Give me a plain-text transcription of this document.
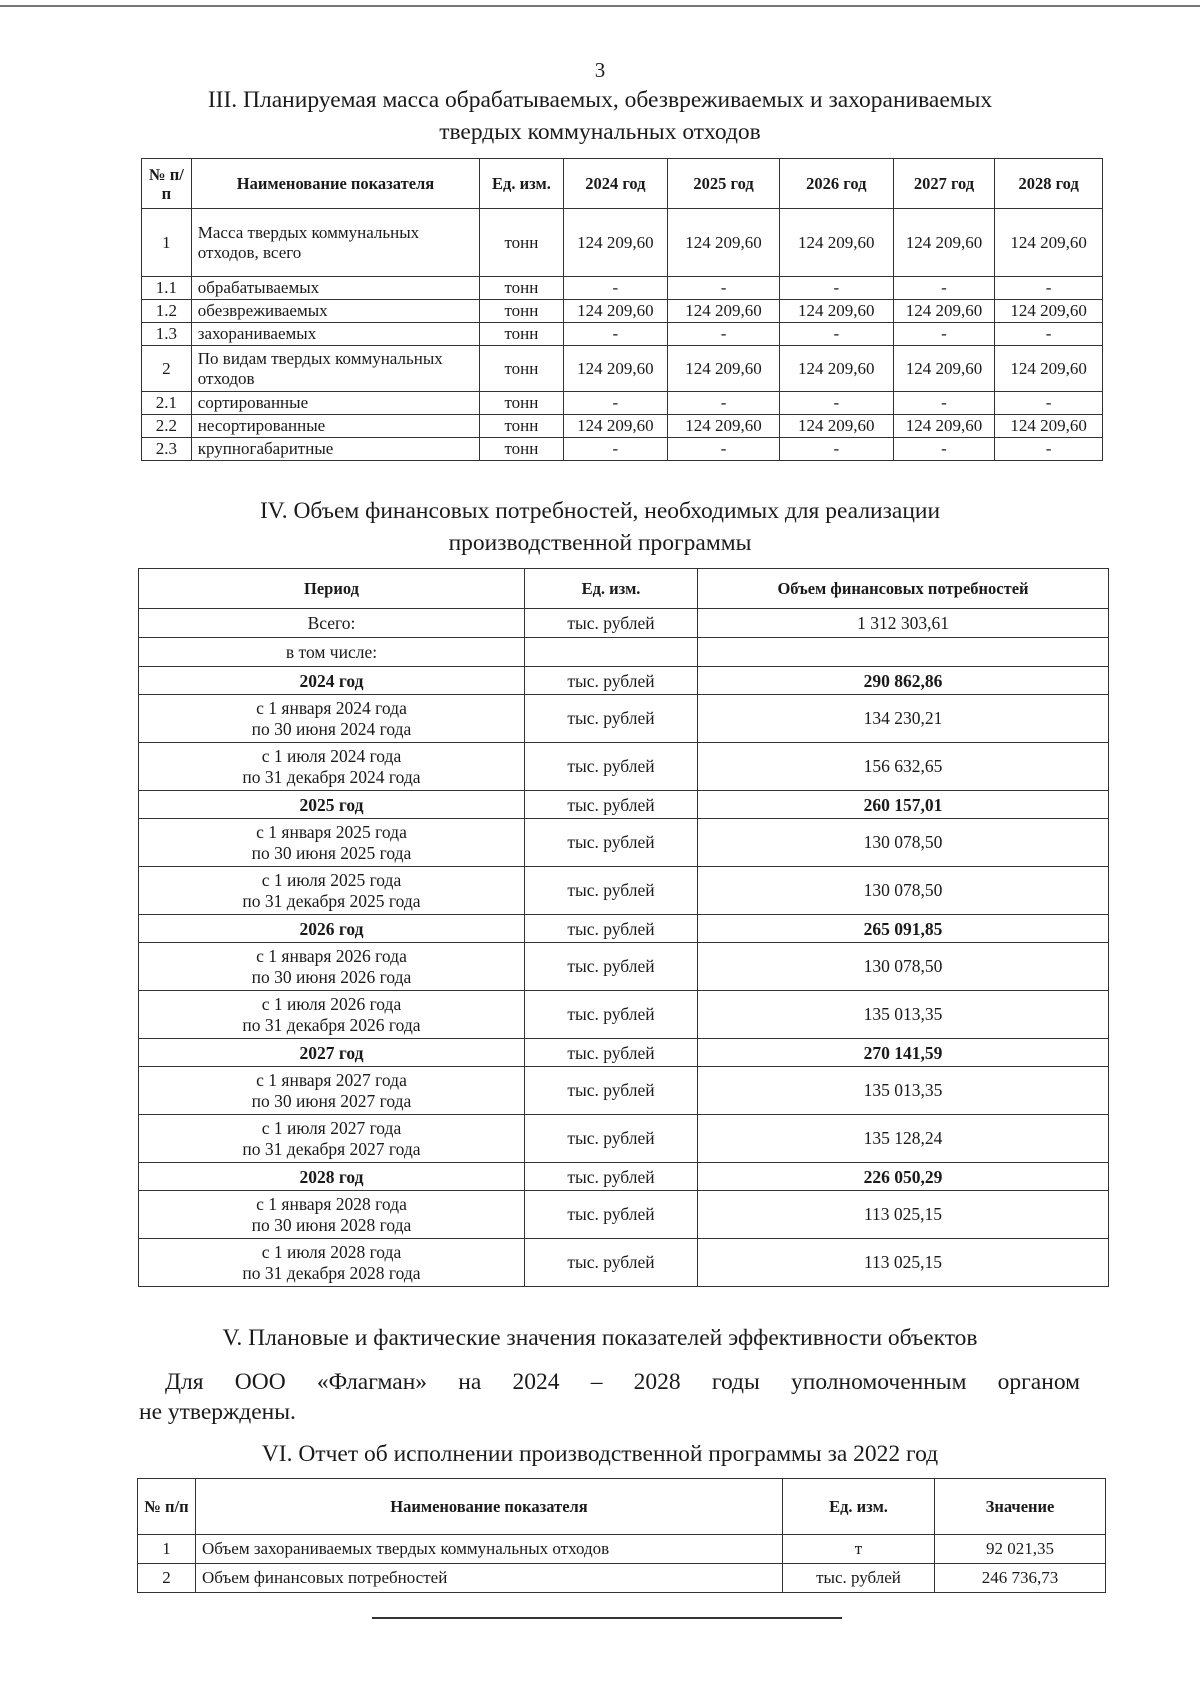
3
III. Планируемая масса обрабатываемых, обезвреживаемых и захораниваемых
твердых коммунальных отходов
№ п/п	Наименование показателя	Ед. изм.	2024 год	2025 год	2026 год	2027 год	2028 год
1	Масса твердых коммунальных отходов, всего	тонн	124 209,60	124 209,60	124 209,60	124 209,60	124 209,60
1.1	обрабатываемых	тонн	-	-	-	-	-
1.2	обезвреживаемых	тонн	124 209,60	124 209,60	124 209,60	124 209,60	124 209,60
1.3	захораниваемых	тонн	-	-	-	-	-
2	По видам твердых коммунальных отходов	тонн	124 209,60	124 209,60	124 209,60	124 209,60	124 209,60
2.1	сортированные	тонн	-	-	-	-	-
2.2	несортированные	тонн	124 209,60	124 209,60	124 209,60	124 209,60	124 209,60
2.3	крупногабаритные	тонн	-	-	-	-	-
IV. Объем финансовых потребностей, необходимых для реализации
производственной программы
Период	Ед. изм.	Объем финансовых потребностей
Всего:	тыс. рублей	1 312 303,61
в том числе:		
2024 год	тыс. рублей	290 862,86

с 1 января 2024 года
по 30 июня 2024 года	тыс. рублей	134 230,21

с 1 июля 2024 года
по 31 декабря 2024 года	тыс. рублей	156 632,65
2025 год	тыс. рублей	260 157,01

с 1 января 2025 года
по 30 июня 2025 года	тыс. рублей	130 078,50

с 1 июля 2025 года
по 31 декабря 2025 года	тыс. рублей	130 078,50
2026 год	тыс. рублей	265 091,85

с 1 января 2026 года
по 30 июня 2026 года	тыс. рублей	130 078,50

с 1 июля 2026 года
по 31 декабря 2026 года	тыс. рублей	135 013,35
2027 год	тыс. рублей	270 141,59

с 1 января 2027 года
по 30 июня 2027 года	тыс. рублей	135 013,35

с 1 июля 2027 года
по 31 декабря 2027 года	тыс. рублей	135 128,24
2028 год	тыс. рублей	226 050,29

с 1 января 2028 года
по 30 июня 2028 года	тыс. рублей	113 025,15

с 1 июля 2028 года
по 31 декабря 2028 года	тыс. рублей	113 025,15
V. Плановые и фактические значения показателей эффективности объектов
Для ООО «Флагман» на 2024 – 2028 годы уполномоченным органом
не утверждены.
VI. Отчет об исполнении производственной программы за 2022 год
№ п/п	Наименование показателя	Ед. изм.	Значение
1	Объем захораниваемых твердых коммунальных отходов	т	92 021,35
2	Объем финансовых потребностей	тыс. рублей	246 736,73
